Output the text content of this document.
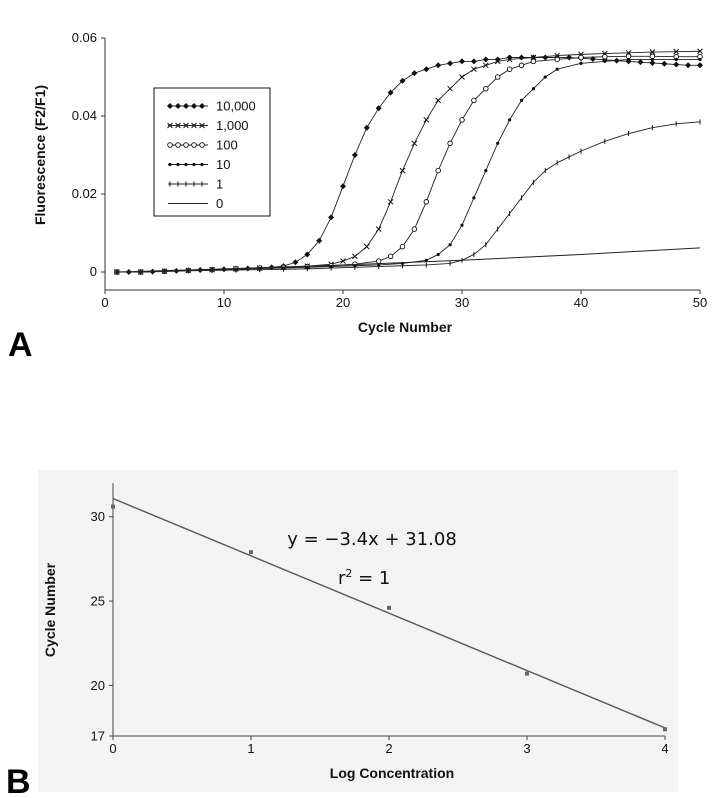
A	Cycle Number
Fluorescence (F2/F1)
B	Log Concentration
Cycle Number
y = −3.4x + 31.08
$r^2 = 1$
0	10	20	30	40	50
0
0.02
0.04
0.06
10,000
1,000
100
10
1
0
0	1	2	3	4
17
20
25
30
